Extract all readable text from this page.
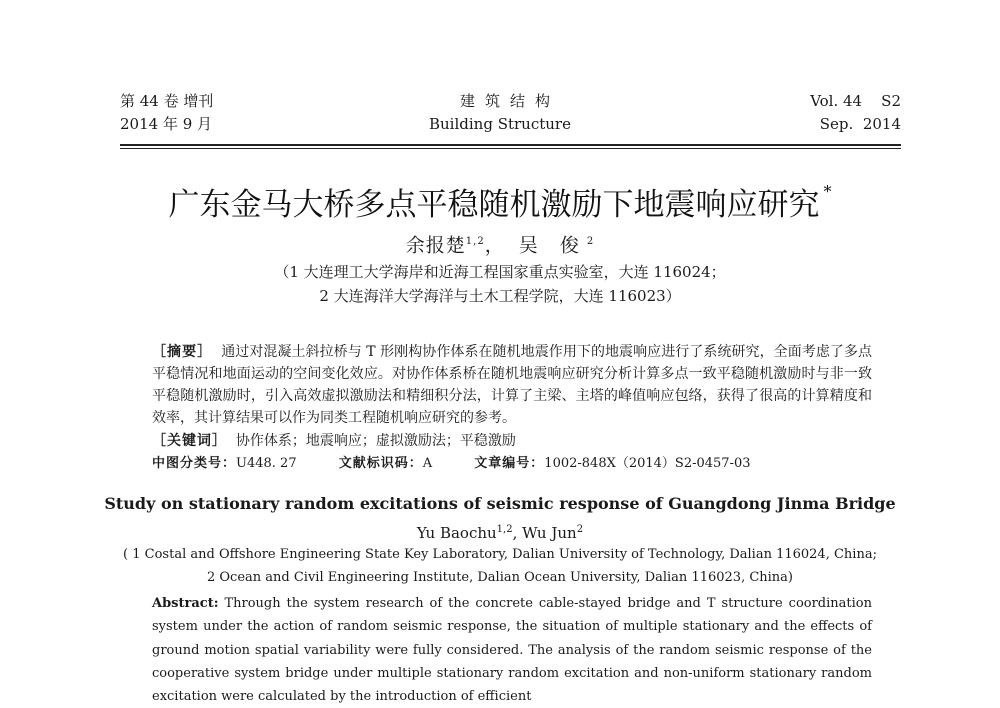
第 44 卷 增刊
2014 年 9 月
建筑结构
Building Structure
Vol. 44    S2
Sep.  2014
广东金马大桥多点平稳随机激励下地震响应研究 *
余报楚$^{1,2}$， 吴 俊$^2$
（1 大连理工大学海岸和近海工程国家重点实验室，大连 116024；
2 大连海洋大学海洋与土木工程学院，大连 116023）
［摘要］ 通过对混凝土斜拉桥与 T 形刚构协作体系在随机地震作用下的地震响应进行了系统研究，全面考虑了多点平稳情况和地面运动的空间变化效应。对协作体系桥在随机地震响应研究分析计算多点一致平稳随机激励时与非一致平稳随机激励时，引入高效虚拟激励法和精细积分法，计算了主梁、主塔的峰值响应包络，获得了很高的计算精度和效率，其计算结果可以作为同类工程随机响应研究的参考。
［关键词］ 协作体系；地震响应；虚拟激励法；平稳激励
中图分类号：U448. 27	文献标识码：A	文章编号：1002-848X（2014）S2-0457-03
Study on stationary random excitations of seismic response of Guangdong Jinma Bridge
Yu Baochu$^{1,2}$, Wu Jun$^2$
( 1 Costal and Offshore Engineering State Key Laboratory, Dalian University of Technology, Dalian 116024, China;
2 Ocean and Civil Engineering Institute, Dalian Ocean University, Dalian 116023, China)
Abstract: Through the system research of the concrete cable-stayed bridge and T structure coordination system under the action of random seismic response, the situation of multiple stationary and the effects of ground motion spatial variability were fully considered. The analysis of the random seismic response of the cooperative system bridge under multiple stationary random excitation and non-uniform stationary random excitation were calculated by the introduction of efficient
